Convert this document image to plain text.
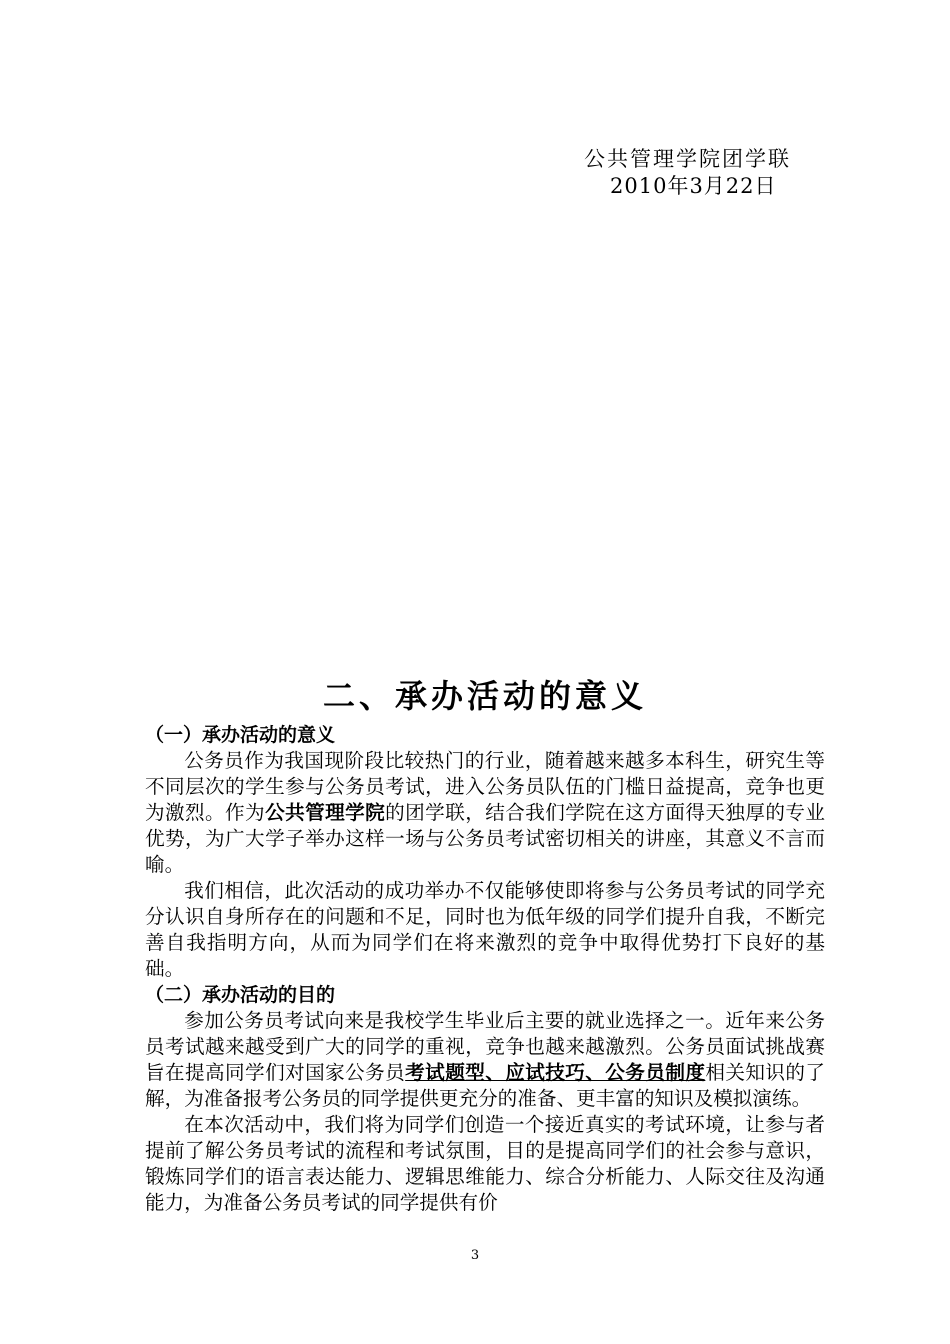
公共管理学院团学联
2010年3月22日
二、承办活动的意义
（一）承办活动的意义

公务员作为我国现阶段比较热门的行业，随着越来越多本科生，研究生等不同层次的学生参与公务员考试，进入公务员队伍的门槛日益提高，竞争也更为激烈。作为公共管理学院的团学联，结合我们学院在这方面得天独厚的专业优势，为广大学子举办这样一场与公务员考试密切相关的讲座，其意义不言而喻。

我们相信，此次活动的成功举办不仅能够使即将参与公务员考试的同学充分认识自身所存在的问题和不足，同时也为低年级的同学们提升自我，不断完善自我指明方向，从而为同学们在将来激烈的竞争中取得优势打下良好的基础。

（二）承办活动的目的

参加公务员考试向来是我校学生毕业后主要的就业选择之一。近年来公务员考试越来越受到广大的同学的重视，竞争也越来越激烈。公务员面试挑战赛旨在提高同学们对国家公务员考试题型、应试技巧、公务员制度相关知识的了解，为准备报考公务员的同学提供更充分的准备、更丰富的知识及模拟演练。

在本次活动中，我们将为同学们创造一个接近真实的考试环境，让参与者提前了解公务员考试的流程和考试氛围，目的是提高同学们的社会参与意识，锻炼同学们的语言表达能力、逻辑思维能力、综合分析能力、人际交往及沟通能力，为准备公务员考试的同学提供有价

3
